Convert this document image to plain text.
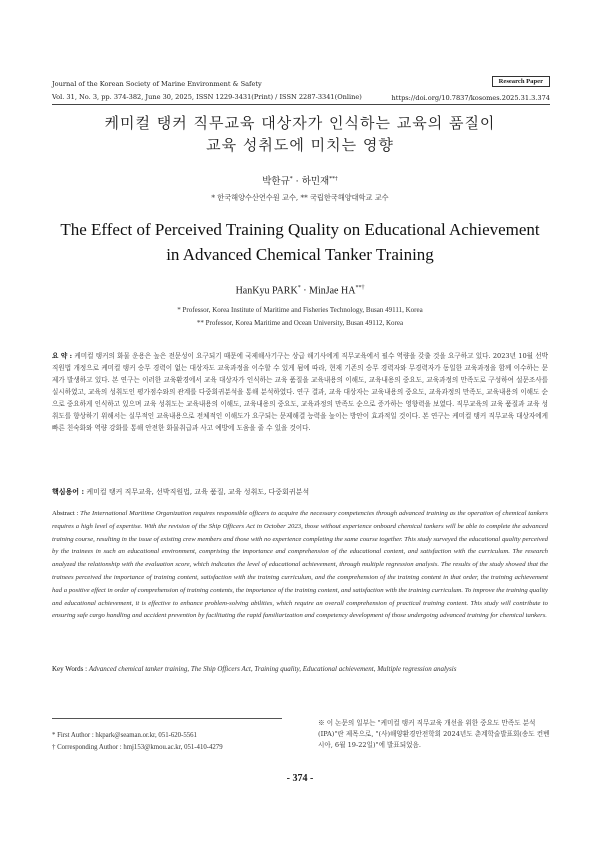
Journal of the Korean Society of Marine Environment & Safety
Vol. 31, No. 3, pp. 374-382, June 30, 2025, ISSN 1229-3431(Print) / ISSN 2287-3341(Online)
Research Paper
https://doi.org/10.7837/kosomes.2025.31.3.374
케미컬 탱커 직무교육 대상자가 인식하는 교육의 품질이
교육 성취도에 미치는 영향
박한규* · 하민재**†
* 한국해양수산연수원 교수, ** 국립한국해양대학교 교수
The Effect of Perceived Training Quality on Educational Achievement
in Advanced Chemical Tanker Training
HanKyu PARK* · MinJae HA**†
* Professor, Korea Institute of Maritime and Fisheries Technology, Busan 49111, Korea
** Professor, Korea Maritime and Ocean University, Busan 49112, Korea
요 약 : 케미컬 탱커의 화물 운용은 높은 전문성이 요구되기 때문에 국제해사기구는 상급 해기사에게 직무교육에서 필수 역량을 갖출 것을 요구하고 있다. 2023년 10월 선박직원법 개정으로 케미컬 탱커 승무 경력이 없는 대상자도 교육과정을 이수할 수 있게 됨에 따라, 현재 기존의 승무 경력자와 무경력자가 동일한 교육과정을 함께 이수하는 문제가 발생하고 있다. 본 연구는 이러한 교육환경에서 교육 대상자가 인식하는 교육 품질을 교육내용의 이해도, 교육내용의 중요도, 교육과정의 만족도로 구성하여 설문조사를 실시하였고, 교육의 성취도인 평가점수와의 관계를 다중회귀분석을 통해 분석하였다. 연구 결과, 교육 대상자는 교육내용의 중요도, 교육과정의 만족도, 교육내용의 이해도 순으로 중요하게 인식하고 있으며 교육 성취도는 교육내용의 이해도, 교육내용의 중요도, 교육과정의 만족도 순으로 증가하는 영향력을 보였다. 직무교육의 교육 품질과 교육 성취도를 향상하기 위해서는 실무적인 교육내용으로 전체적인 이해도가 요구되는 문제해결 능력을 높이는 방안이 효과적일 것이다. 본 연구는 케미컬 탱커 직무교육 대상자에게 빠른 친숙화와 역량 강화를 통해 안전한 화물취급과 사고 예방에 도움을 줄 수 있을 것이다.
핵심용어 : 케미컬 탱커 직무교육, 선박직원법, 교육 품질, 교육 성취도, 다중회귀분석
Abstract : The International Maritime Organization requires responsible officers to acquire the necessary competencies through advanced training as the operation of chemical tankers requires a high level of expertise. With the revision of the Ship Officers Act in October 2023, those without experience onboard chemical tankers will be able to complete the advanced training course, resulting in the issue of existing crew members and those with no experience completing the same course together. This study surveyed the educational quality perceived by the trainees in such an educational environment, comprising the importance and comprehension of the educational content, and satisfaction with the curriculum. The research analyzed the relationship with the evaluation score, which indicates the level of educational achievement, through multiple regression analysis. The results of the study showed that the trainees perceived the importance of training content, satisfaction with the training curriculum, and the comprehension of the training content in that order, the training achievement had a positive effect in order of comprehension of training contents, the importance of the training content, and satisfaction with the training curriculum. To improve the training quality and educational achievement, it is effective to enhance problem-solving abilities, which require an overall comprehension of practical training content. This study will contribute to ensuring safe cargo handling and accident prevention by facilitating the rapid familiarization and competency development of those undergoing advanced training for chemical tankers.
Key Words : Advanced chemical tanker training, The Ship Officers Act, Training quality, Educational achievement, Multiple regression analysis
* First Author : hkpark@seaman.or.kr, 051-620-5561
† Corresponding Author : hmj153@kmou.ac.kr, 051-410-4279
※ 이 논문의 일부는 "케미컬 탱커 직무교육 개선을 위한 중요도 만족도 분석(IPA)"란 제목으로, "(사)해양환경안전학회 2024년도 춘계학술발표회(송도 컨벤시아, 6월 19-22일)"에 발표되었음.
- 374 -
